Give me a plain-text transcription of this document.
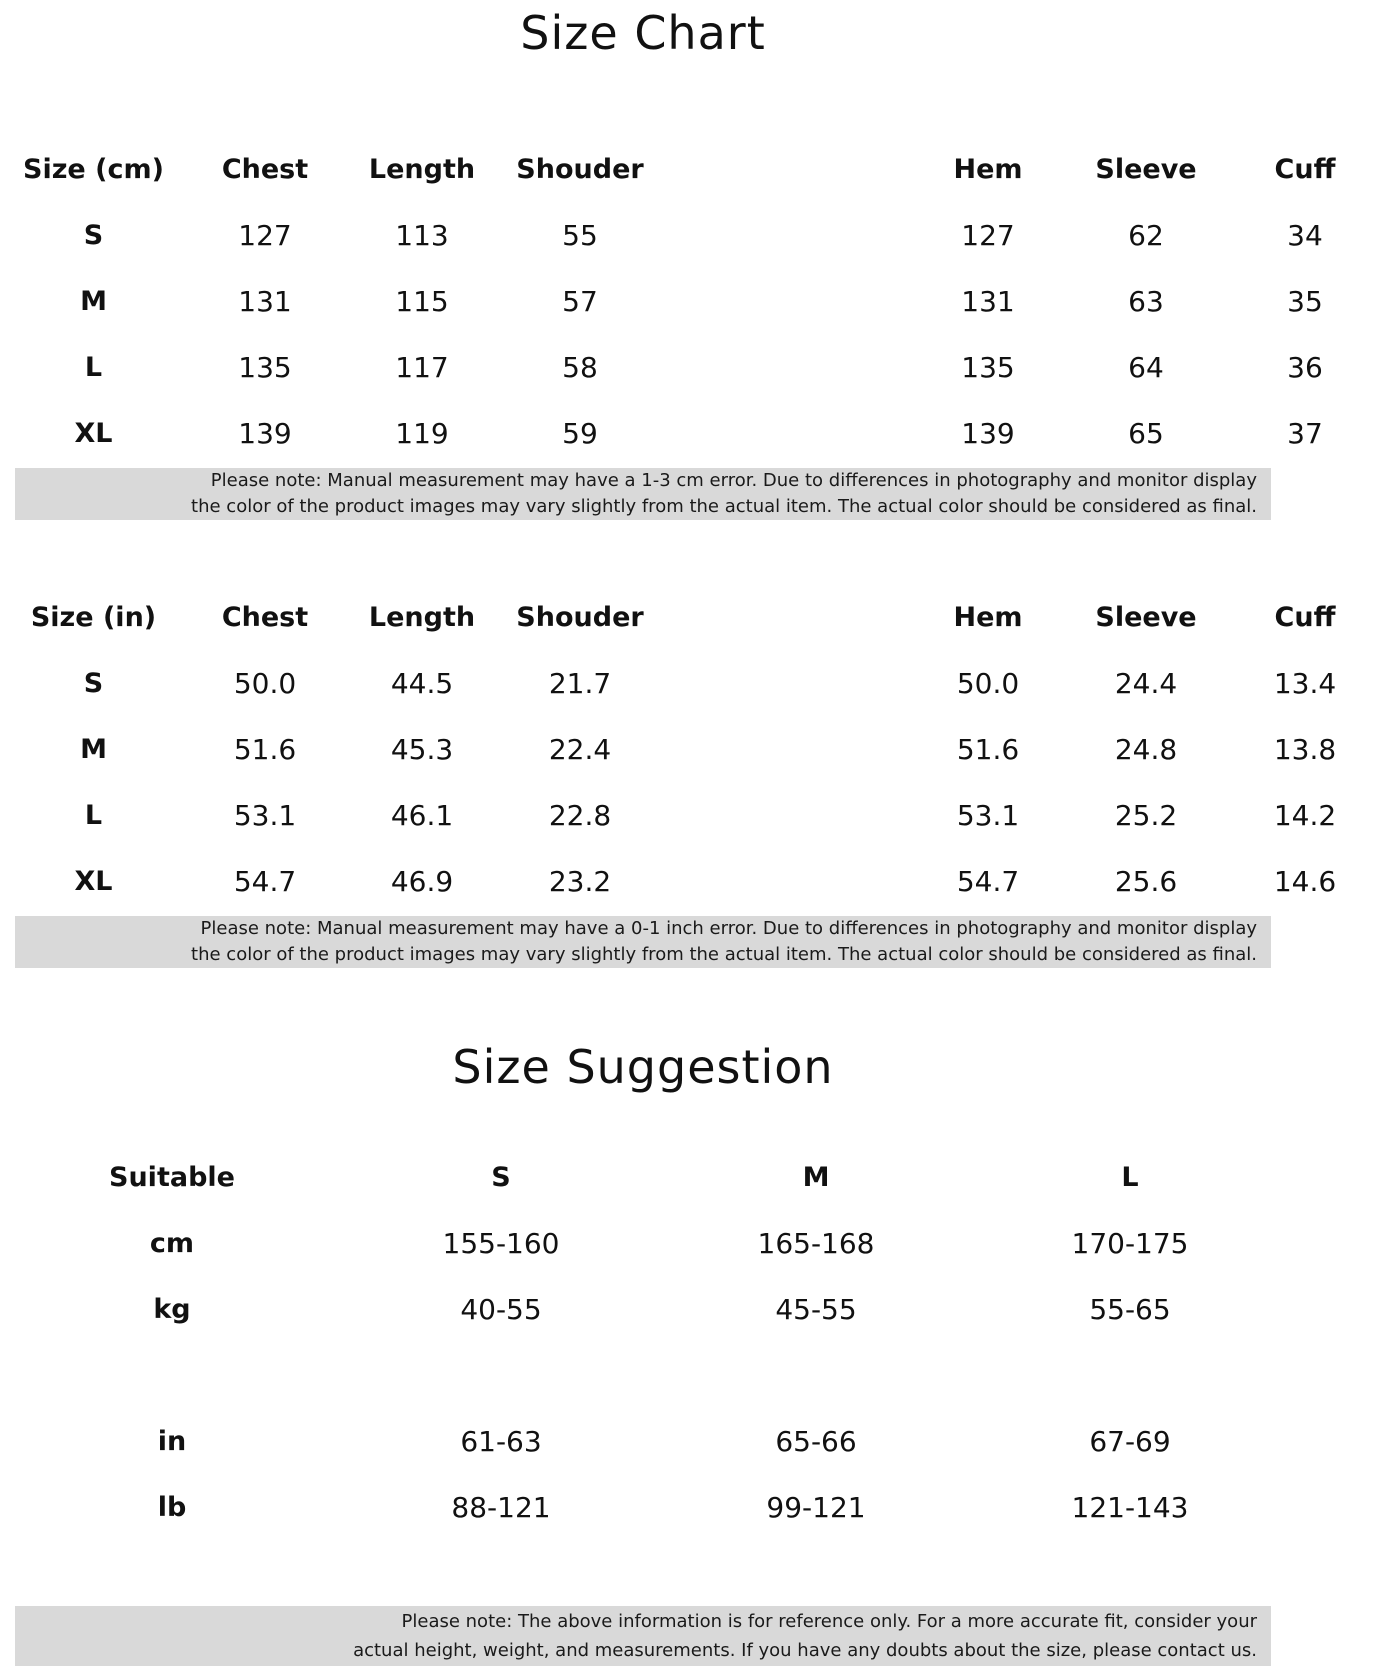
Size Chart
Size (cm)	Chest	Length	Shouder	Hem	Sleeve	Cuff
S	127	113	55	127	62	34
M	131	115	57	131	63	35
L	135	117	58	135	64	36
XL	139	119	59	139	65	37

Please note: Manual measurement may have a 1-3 cm error. Due to differences in photography and monitor display

the color of the product images may vary slightly from the actual item. The actual color should be considered as final.

Size (in)	Chest	Length	Shouder	Hem	Sleeve	Cuff
S	50.0	44.5	21.7	50.0	24.4	13.4
M	51.6	45.3	22.4	51.6	24.8	13.8
L	53.1	46.1	22.8	53.1	25.2	14.2
XL	54.7	46.9	23.2	54.7	25.6	14.6

Please note: Manual measurement may have a 0-1 inch error. Due to differences in photography and monitor display

the color of the product images may vary slightly from the actual item. The actual color should be considered as final.

Size Suggestion
Suitable	S	M	L
cm	155-160	165-168	170-175
kg	40-55	45-55	55-65
in	61-63	65-66	67-69
lb	88-121	99-121	121-143

Please note: The above information is for reference only. For a more accurate fit, consider your

actual height, weight, and measurements. If you have any doubts about the size, please contact us.
